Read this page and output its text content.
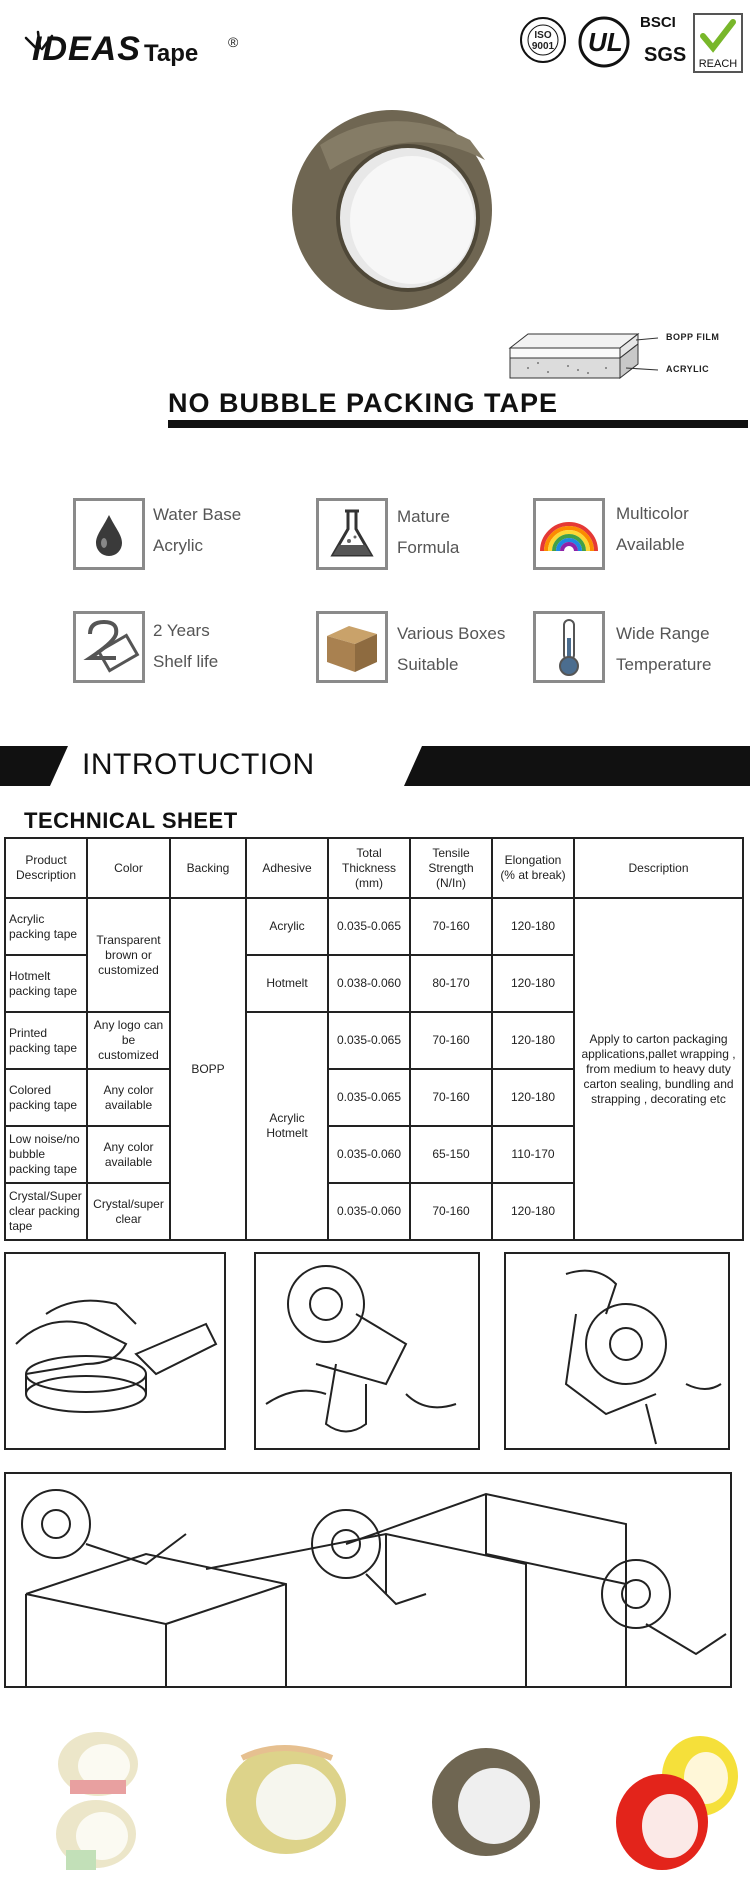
IDEAS Tape ®	ISO 9001 UL
BSCI
SGS REACH
BOPP FILM
ACRYLIC
NO BUBBLE PACKING TAPE
Water Base
Acrylic
Mature
Formula
Multicolor
Available
2 Years
Shelf life
Various Boxes
Suitable
Wide Range
Temperature
INTROTUCTION
TECHNICAL SHEET
Product Description	Color	Backing	Adhesive	Total Thickness (mm)	Tensile Strength (N/In)	Elongation (% at break)	Description
Acrylic packing tape	Transparent brown or customized	BOPP	Acrylic	0.035-0.065	70-160	120-180	Apply to carton packaging applications,pallet wrapping , from medium to heavy duty carton sealing, bundling and strapping , decorating etc
Hotmelt packing tape			Hotmelt	0.038-0.060	80-170	120-180	
Printed packing tape	Any logo can be customized		Acrylic Hotmelt	0.035-0.065	70-160	120-180	
Colored packing tape	Any color available			0.035-0.065	70-160	120-180	
Low noise/no bubble packing tape	Any color available			0.035-0.060	65-150	110-170	
Crystal/Super clear packing tape	Crystal/super clear			0.035-0.060	70-160	120-180	
